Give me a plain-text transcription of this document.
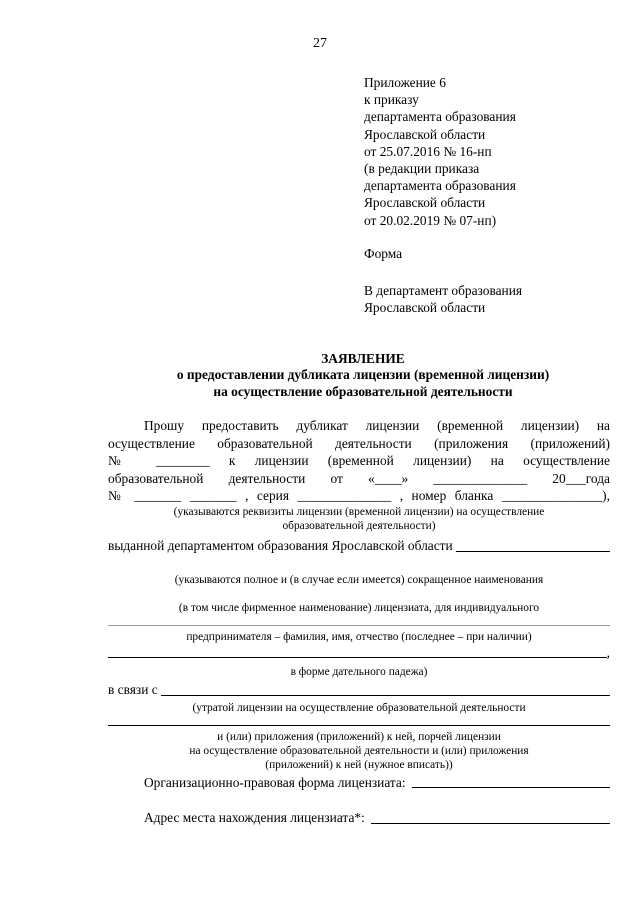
27
Приложение 6
к приказу
департамента образования
Ярославской области
от 25.07.2016 № 16-нп
(в редакции приказа
департамента образования
Ярославской области
от 20.02.2019 № 07-нп)
Форма
В департамент образования
Ярославской области
ЗАЯВЛЕНИЕ
о предоставлении дубликата лицензии (временной лицензии)
на осуществление образовательной деятельности

Прошу предоставить дубликат лицензии (временной лицензии) на

осуществление образовательной деятельности (приложения (приложений)

№ ________ к лицензии (временной лицензии) на осуществление

образовательной деятельности от «____» ______________ 20___года

№ _______ _______ , серия ______________ , номер бланка _______________),

(указываются реквизиты лицензии (временной лицензии) на осуществление
образовательной деятельности)
выданной департаментом образования Ярославской области
(указываются полное и (в случае если имеется) сокращенное наименования
(в том числе фирменное наименование) лицензиата, для индивидуального
предпринимателя – фамилия, имя, отчество (последнее – при наличии)
,
в форме дательного падежа)
в связи с
(утратой лицензии на осуществление образовательной деятельности
и (или) приложения (приложений) к ней, порчей лицензии
на осуществление образовательной деятельности и (или) приложения
(приложений) к ней (нужное вписать))
Организационно-правовая форма лицензиата:
Адрес места нахождения лицензиата*:
